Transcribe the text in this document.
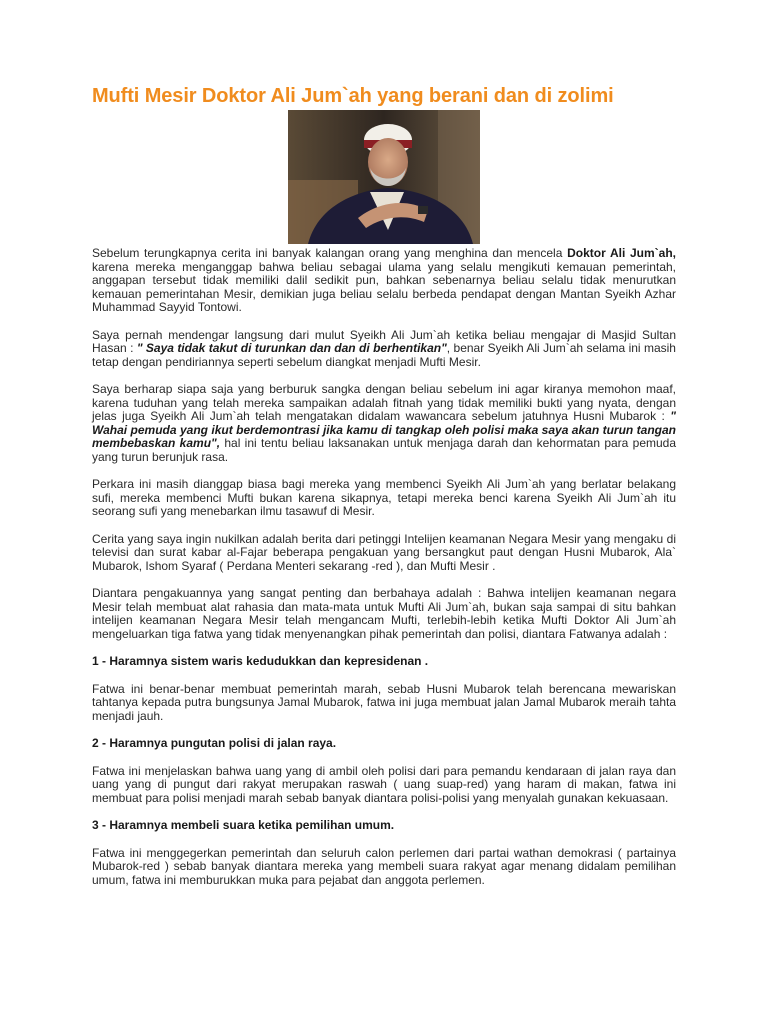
Mufti Mesir Doktor Ali Jum`ah yang berani dan di zolimi

Sebelum terungkapnya cerita ini banyak kalangan orang yang menghina dan mencela Doktor Ali Jum`ah, karena mereka menganggap bahwa beliau sebagai ulama yang selalu mengikuti kemauan pemerintah, anggapan tersebut tidak memiliki dalil sedikit pun, bahkan sebenarnya beliau selalu tidak menurutkan kemauan pemerintahan Mesir, demikian juga beliau selalu berbeda pendapat dengan Mantan Syeikh Azhar Muhammad Sayyid Tontowi.

Saya pernah mendengar langsung dari mulut Syeikh Ali Jum`ah ketika beliau mengajar di Masjid Sultan Hasan : " Saya tidak takut di turunkan dan dan di berhentikan", benar Syeikh Ali Jum`ah selama ini masih tetap dengan pendiriannya seperti sebelum diangkat menjadi Mufti Mesir.

Saya berharap siapa saja yang berburuk sangka dengan beliau sebelum ini agar kiranya memohon maaf, karena tuduhan yang telah mereka sampaikan adalah fitnah yang tidak memiliki bukti yang nyata, dengan jelas juga Syeikh Ali Jum`ah telah mengatakan didalam wawancara sebelum jatuhnya Husni Mubarok : " Wahai pemuda yang ikut berdemontrasi jika kamu di tangkap oleh polisi maka saya akan turun tangan membebaskan kamu", hal ini tentu beliau laksanakan untuk menjaga darah dan kehormatan para pemuda yang turun berunjuk rasa.

Perkara ini masih dianggap biasa bagi mereka yang membenci Syeikh Ali Jum`ah yang berlatar belakang sufi, mereka membenci Mufti bukan karena sikapnya, tetapi mereka benci karena Syeikh Ali Jum`ah itu seorang sufi yang menebarkan ilmu tasawuf di Mesir.

Cerita yang saya ingin nukilkan adalah berita dari petinggi Intelijen keamanan Negara Mesir yang mengaku di televisi dan surat kabar al-Fajar beberapa pengakuan yang bersangkut paut dengan Husni Mubarok, Ala` Mubarok, Ishom Syaraf ( Perdana Menteri sekarang -red ), dan Mufti Mesir .

Diantara pengakuannya yang sangat penting dan berbahaya adalah : Bahwa intelijen keamanan negara Mesir telah membuat alat rahasia dan mata-mata untuk Mufti Ali Jum`ah, bukan saja sampai di situ bahkan intelijen keamanan Negara Mesir telah mengancam Mufti, terlebih-lebih ketika Mufti Doktor Ali Jum`ah mengeluarkan tiga fatwa yang tidak menyenangkan pihak pemerintah dan polisi, diantara Fatwanya adalah :

1 - Haramnya sistem waris kedudukkan dan kepresidenan .

Fatwa ini benar-benar membuat pemerintah marah, sebab Husni Mubarok telah berencana mewariskan tahtanya kepada putra bungsunya Jamal Mubarok, fatwa ini juga membuat jalan Jamal Mubarok meraih tahta menjadi jauh.

2 - Haramnya pungutan polisi di jalan raya.

Fatwa ini menjelaskan bahwa uang yang di ambil oleh polisi dari para pemandu kendaraan di jalan raya dan uang yang di pungut dari rakyat merupakan raswah ( uang suap-red) yang haram di makan, fatwa ini membuat para polisi menjadi marah sebab banyak diantara polisi-polisi yang menyalah gunakan kekuasaan.

3 - Haramnya membeli suara ketika pemilihan umum.

Fatwa ini menggegerkan pemerintah dan seluruh calon perlemen dari partai wathan demokrasi ( partainya Mubarok-red ) sebab banyak diantara mereka yang membeli suara rakyat agar menang didalam pemilihan umum, fatwa ini memburukkan muka para pejabat dan anggota perlemen.
